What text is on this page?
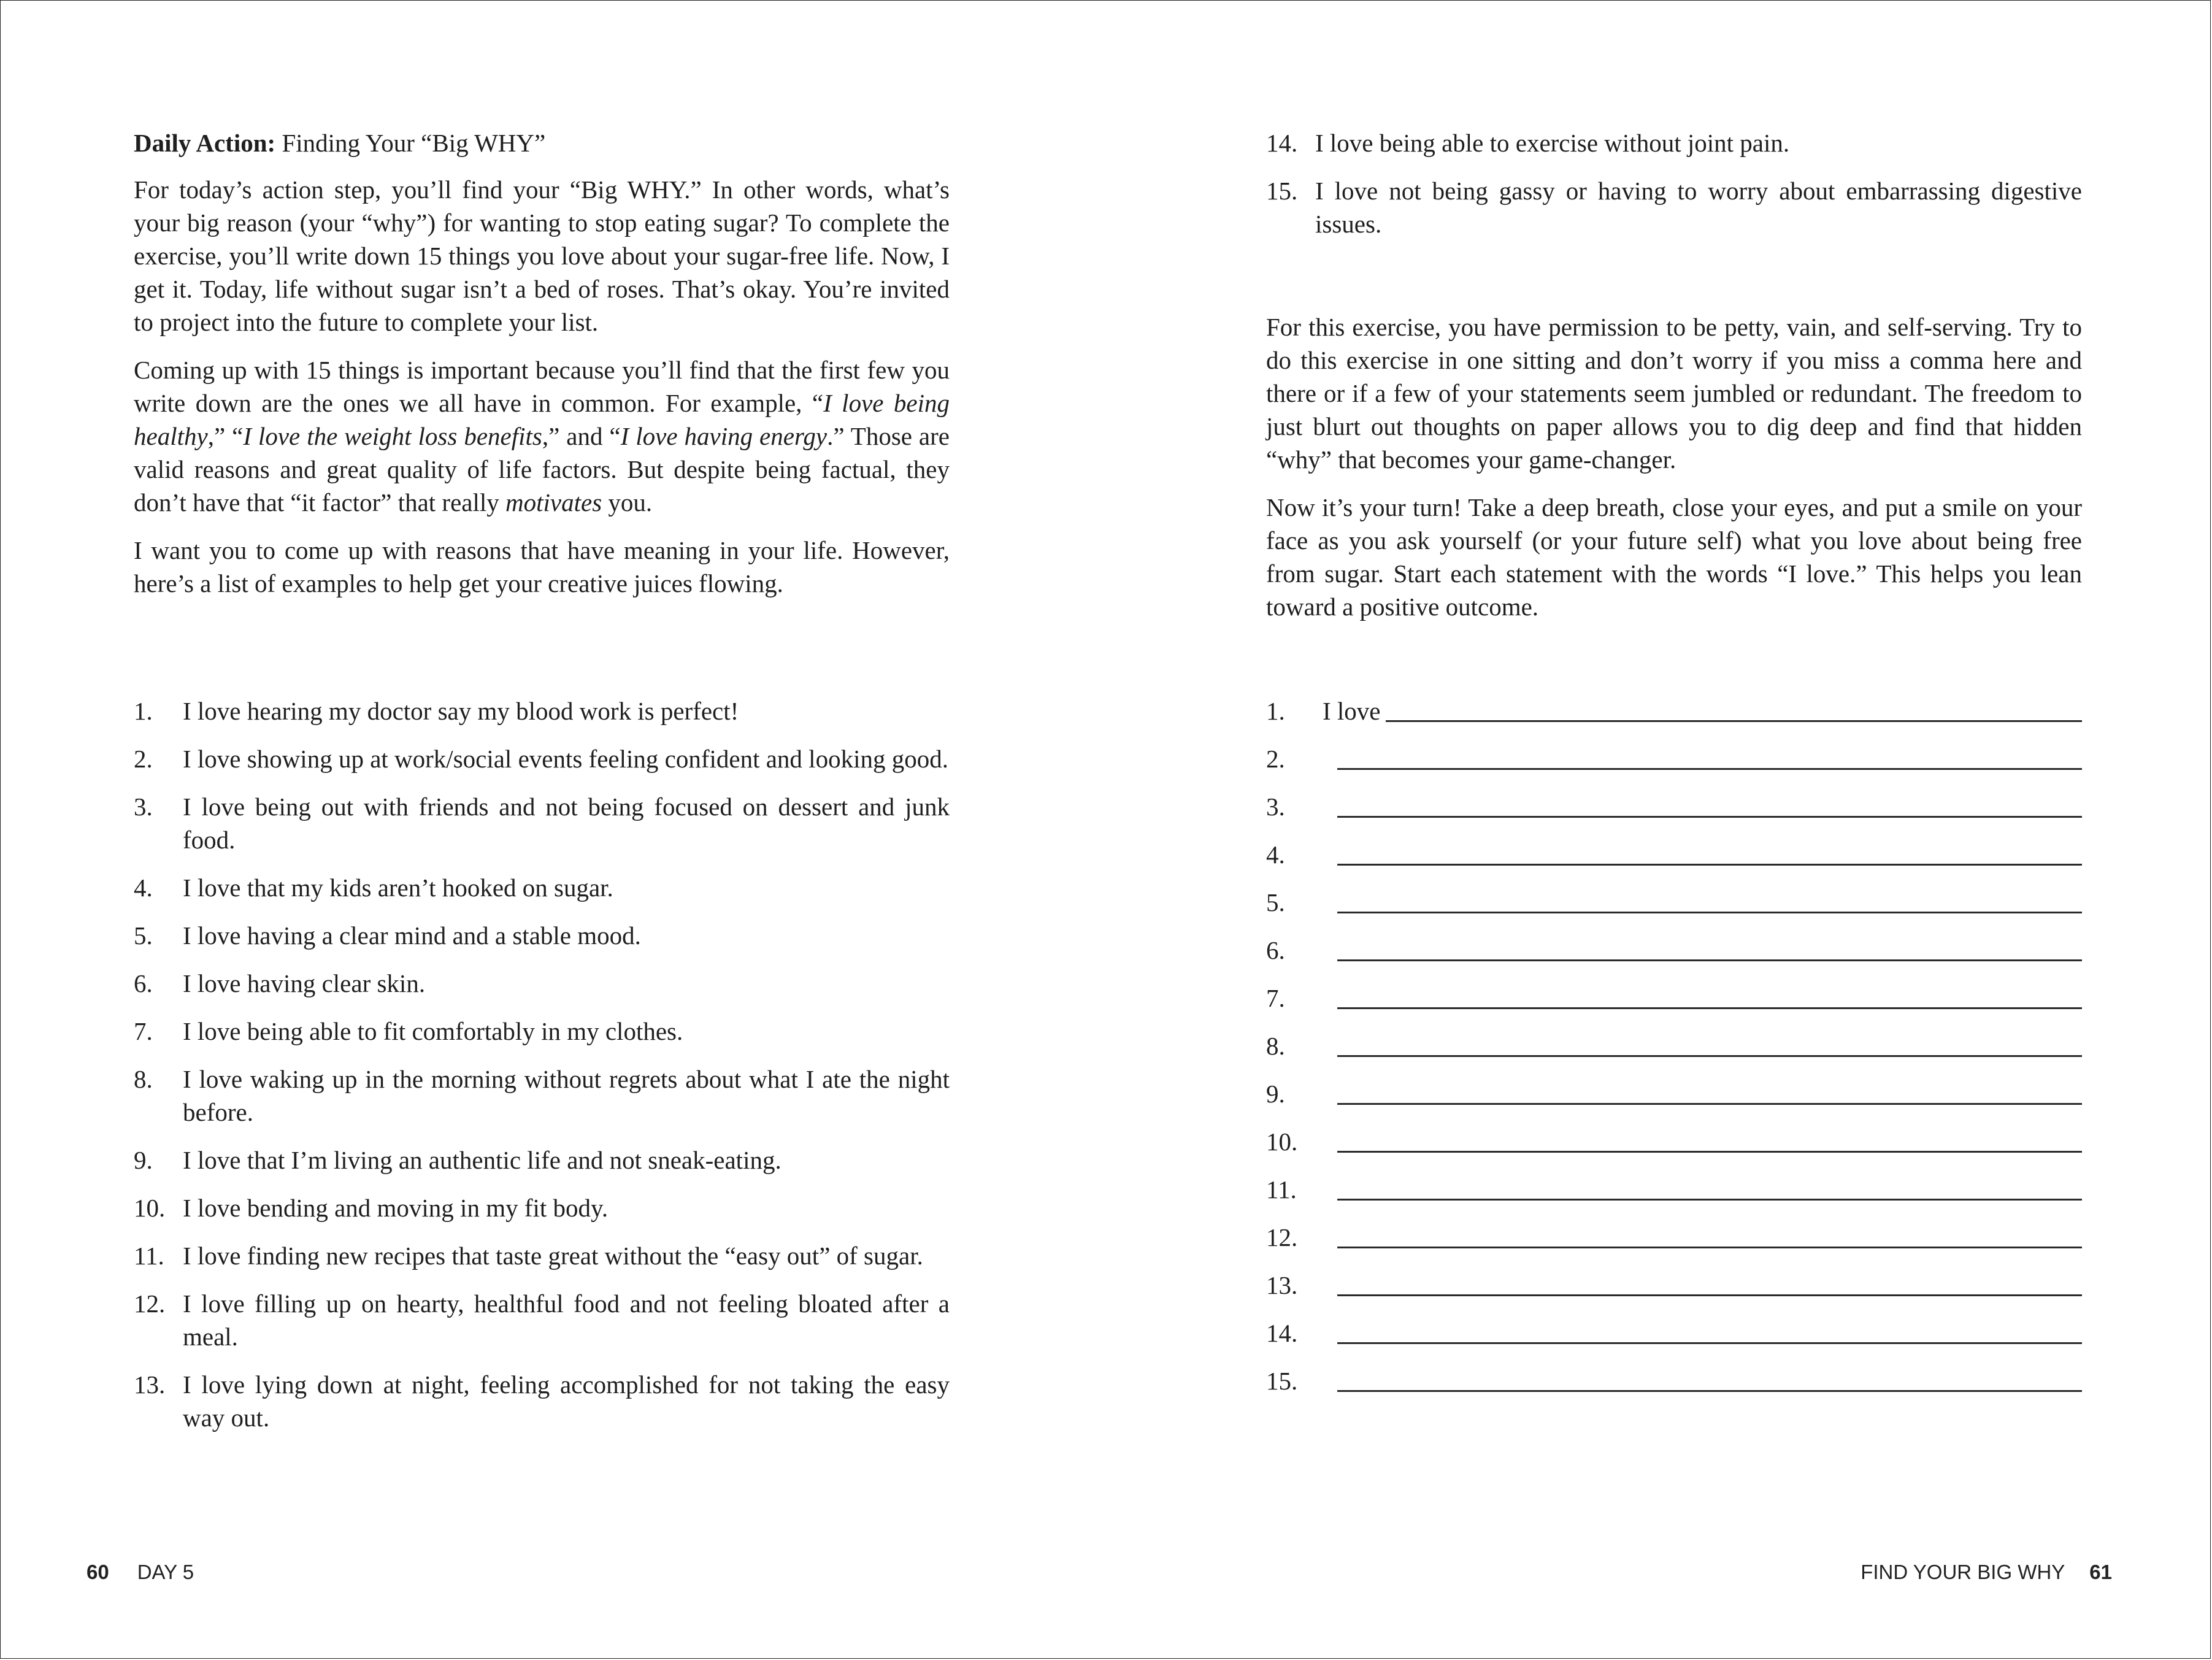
Daily Action: Finding Your “Big WHY”

For today’s action step, you’ll find your “Big WHY.” In other words, what’s your big reason (your “why”) for wanting to stop eating sugar? To complete the exercise, you’ll write down 15 things you love about your sugar-free life. Now, I get it. Today, life without sugar isn’t a bed of roses. That’s okay. You’re invited to project into the future to complete your list.

Coming up with 15 things is important because you’ll find that the first few you write down are the ones we all have in common. For example, “I love being healthy,” “I love the weight loss benefits,” and “I love having energy.” Those are valid reasons and great quality of life factors. But despite being factual, they don’t have that “it factor” that really motivates you.

I want you to come up with reasons that have meaning in your life. However, here’s a list of examples to help get your creative juices flowing.

1.	I love hearing my doctor say my blood work is perfect!
2.	I love showing up at work/social events feeling confident and looking good.
3.	I love being out with friends and not being focused on dessert and junk food.
4.	I love that my kids aren’t hooked on sugar.
5.	I love having a clear mind and a stable mood.
6.	I love having clear skin.
7.	I love being able to fit comfortably in my clothes.
8.	I love waking up in the morning without regrets about what I ate the night before.
9.	I love that I’m living an authentic life and not sneak-eating.
10. I love bending and moving in my fit body.
11. I love finding new recipes that taste great without the “easy out” of sugar.
12. I love filling up on hearty, healthful food and not feeling bloated after a meal.
13. I love lying down at night, feeling accomplished for not taking the easy way out.
14. I love being able to exercise without joint pain.
15. I love not being gassy or having to worry about embarrassing digestive issues.

For this exercise, you have permission to be petty, vain, and self-serving. Try to do this exercise in one sitting and don’t worry if you miss a comma here and there or if a few of your statements seem jumbled or redundant. The freedom to just blurt out thoughts on paper allows you to dig deep and find that hidden “why” that becomes your game-changer.

Now it’s your turn! Take a deep breath, close your eyes, and put a smile on your face as you ask yourself (or your future self) what you love about being free from sugar. Start each statement with the words “I love.” This helps you lean toward a positive outcome.

1.	I love
2.
3.
4.
5.
6.
7.
8.
9.
10.
11.
12.
13.
14.
15.
60 DAY 5	FIND YOUR BIG WHY 61
